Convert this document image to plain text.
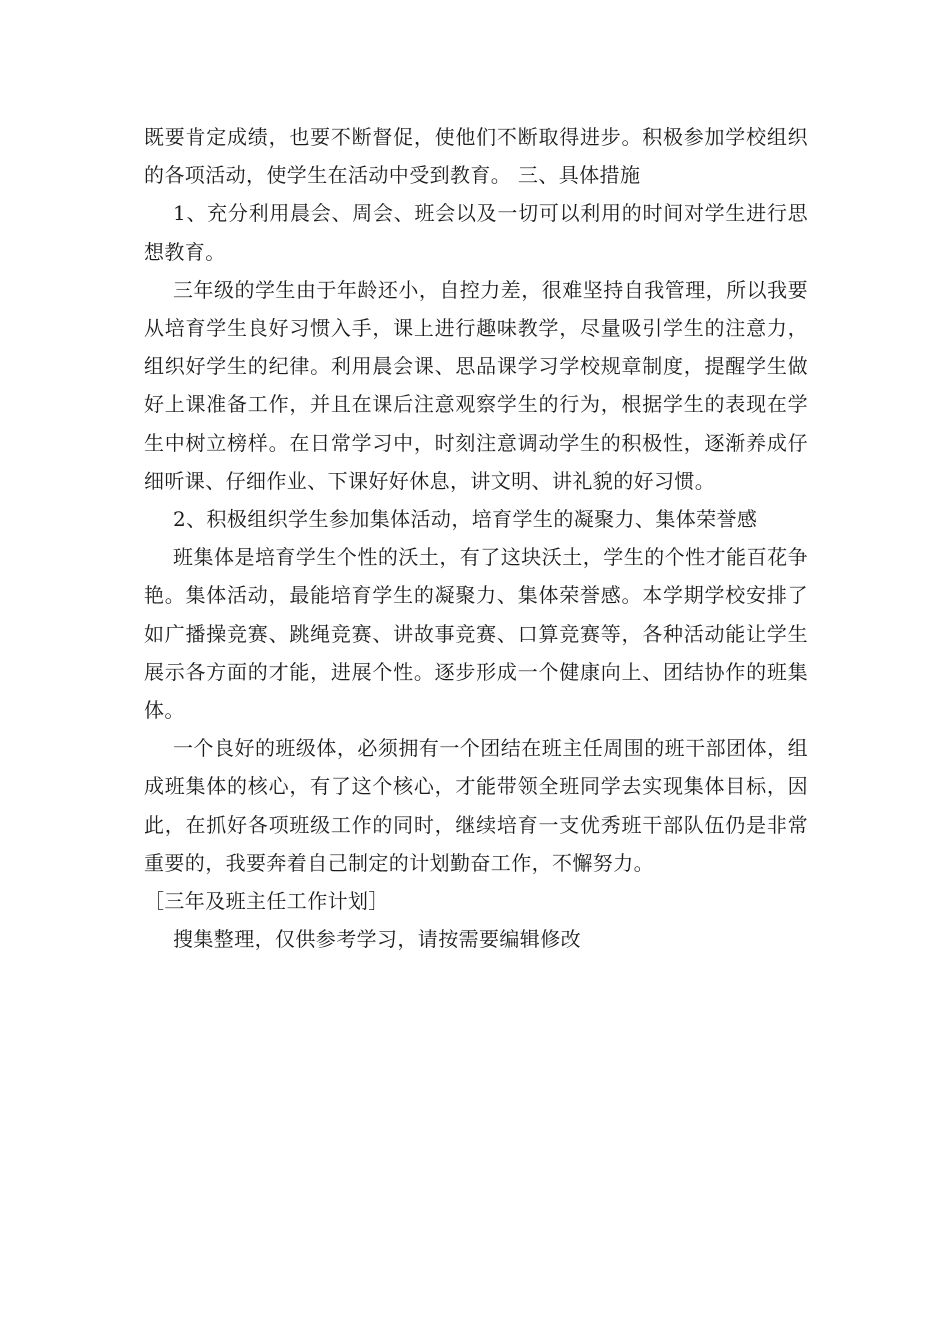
既要肯定成绩，也要不断督促，使他们不断取得进步。积极参加学校组织的各项活动，使学生在活动中受到教育。 三、具体措施

1、充分利用晨会、周会、班会以及一切可以利用的时间对学生进行思想教育。

三年级的学生由于年龄还小，自控力差，很难坚持自我管理，所以我要从培育学生良好习惯入手，课上进行趣味教学，尽量吸引学生的注意力，组织好学生的纪律。利用晨会课、思品课学习学校规章制度，提醒学生做好上课准备工作，并且在课后注意观察学生的行为，根据学生的表现在学生中树立榜样。在日常学习中，时刻注意调动学生的积极性，逐渐养成仔细听课、仔细作业、下课好好休息，讲文明、讲礼貌的好习惯。

2、积极组织学生参加集体活动，培育学生的凝聚力、集体荣誉感

班集体是培育学生个性的沃土，有了这块沃土，学生的个性才能百花争艳。集体活动，最能培育学生的凝聚力、集体荣誉感。本学期学校安排了如广播操竞赛、跳绳竞赛、讲故事竞赛、口算竞赛等，各种活动能让学生展示各方面的才能，进展个性。逐步形成一个健康向上、团结协作的班集体。

一个良好的班级体，必须拥有一个团结在班主任周围的班干部团体，组成班集体的核心，有了这个核心，才能带领全班同学去实现集体目标，因此，在抓好各项班级工作的同时，继续培育一支优秀班干部队伍仍是非常重要的，我要奔着自己制定的计划勤奋工作，不懈努力。

［三年及班主任工作计划］

搜集整理，仅供参考学习，请按需要编辑修改
